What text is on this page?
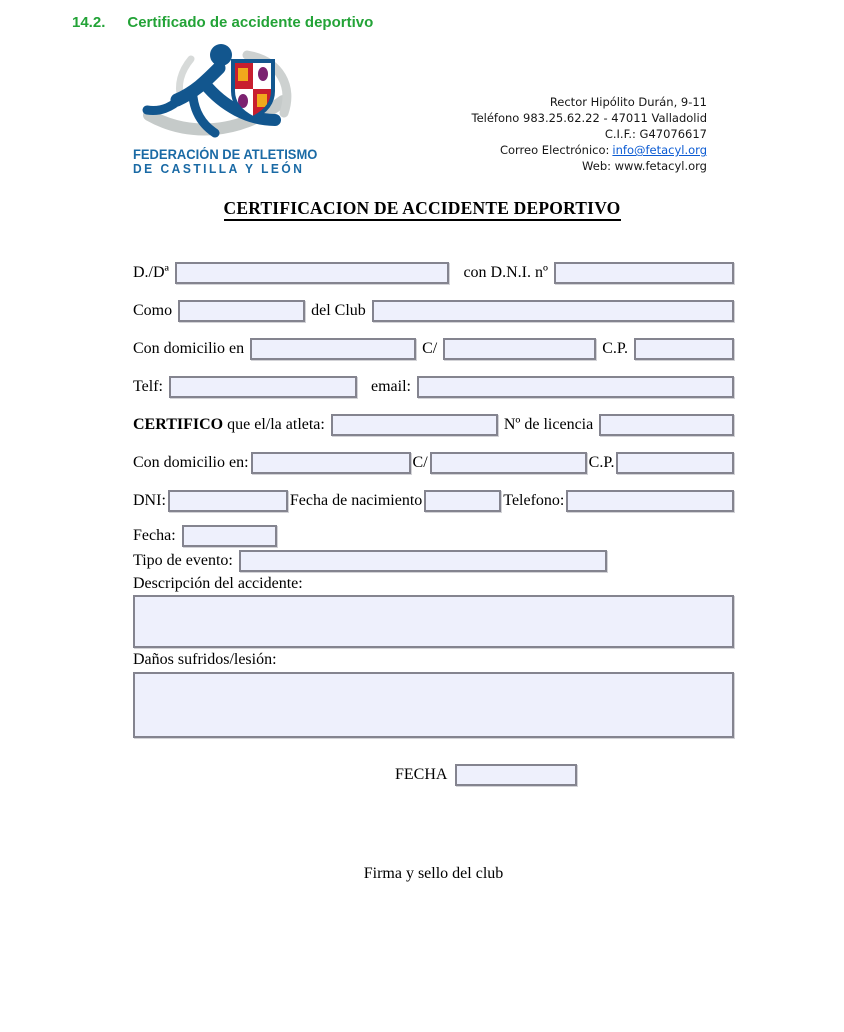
14.2. Certificado de accidente deportivo
FEDERACIÓN DE ATLETISMO
DE CASTILLA Y LEÓN
Rector Hipólito Durán, 9-11
Teléfono 983.25.62.22 - 47011 Valladolid
C.I.F.: G47076617
Correo Electrónico: info@fetacyl.org
Web: www.fetacyl.org
CERTIFICACION DE ACCIDENTE DEPORTIVO
D./Dª	con D.N.I. nº
Como	del Club
Con domicilio en	C/	C.P.
Telf:	email:
CERTIFICO que el/la atleta:	Nº de licencia
Con domicilio en:	C/	C.P.
DNI:	Fecha de nacimiento	Telefono:
Fecha:
Tipo de evento:
Descripción del accidente:
Daños sufridos/lesión:
FECHA
Firma y sello del club
